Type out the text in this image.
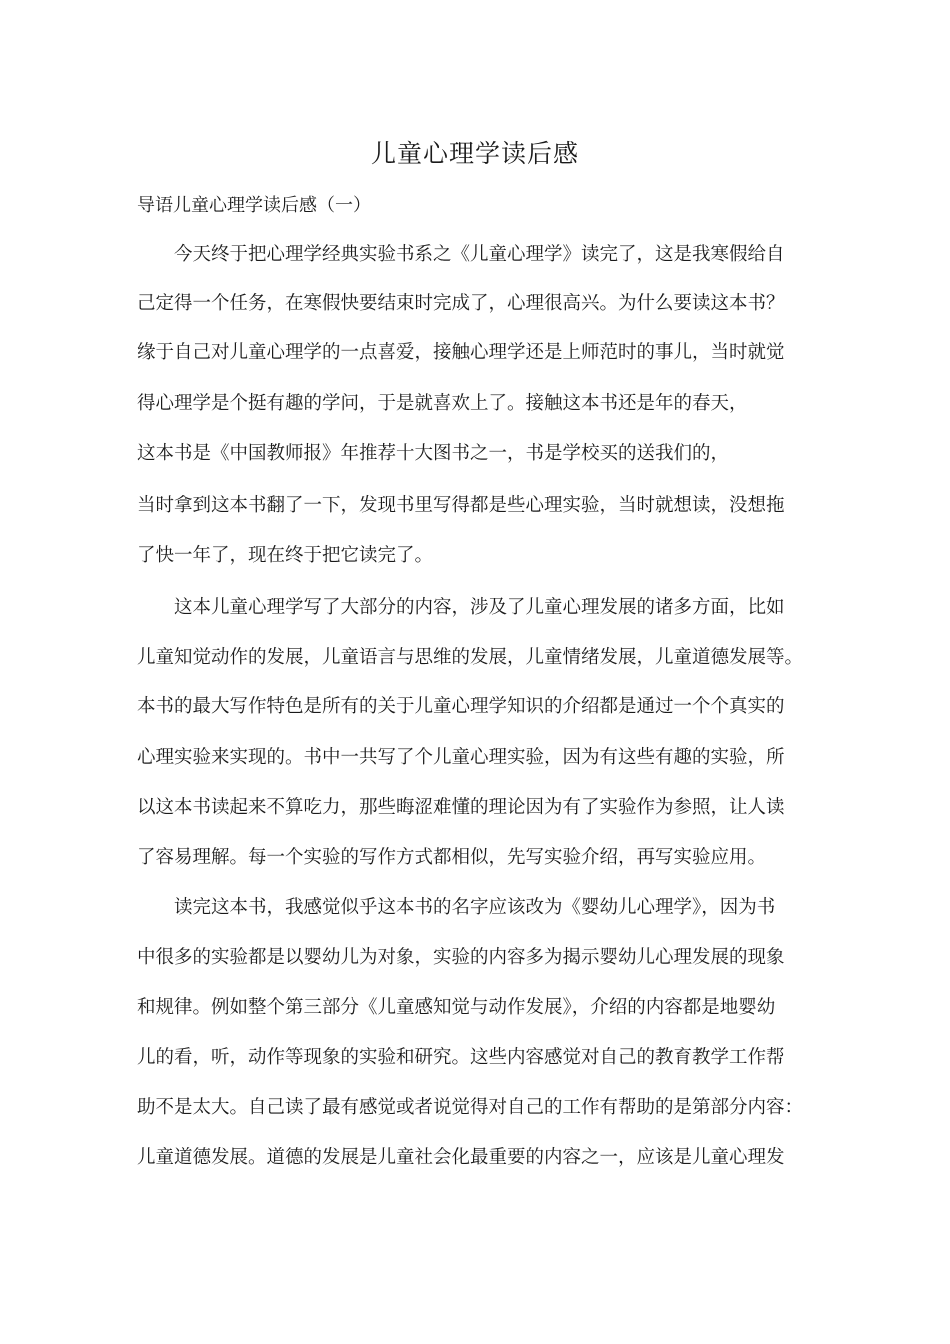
儿童心理学读后感
导语儿童心理学读后感（一）
　　今天终于把心理学经典实验书系之《儿童心理学》读完了，这是我寒假给自
己定得一个任务，在寒假快要结束时完成了，心理很高兴。为什么要读这本书？
缘于自己对儿童心理学的一点喜爱，接触心理学还是上师范时的事儿，当时就觉
得心理学是个挺有趣的学问，于是就喜欢上了。接触这本书还是年的春天，
这本书是《中国教师报》年推荐十大图书之一，书是学校买的送我们的，
当时拿到这本书翻了一下，发现书里写得都是些心理实验，当时就想读，没想拖
了快一年了，现在终于把它读完了。
　　这本儿童心理学写了大部分的内容，涉及了儿童心理发展的诸多方面，比如
儿童知觉动作的发展，儿童语言与思维的发展，儿童情绪发展，儿童道德发展等。
本书的最大写作特色是所有的关于儿童心理学知识的介绍都是通过一个个真实的
心理实验来实现的。书中一共写了个儿童心理实验，因为有这些有趣的实验，所
以这本书读起来不算吃力，那些晦涩难懂的理论因为有了实验作为参照，让人读
了容易理解。每一个实验的写作方式都相似，先写实验介绍，再写实验应用。
　　读完这本书，我感觉似乎这本书的名字应该改为《婴幼儿心理学》，因为书
中很多的实验都是以婴幼儿为对象，实验的内容多为揭示婴幼儿心理发展的现象
和规律。例如整个第三部分《儿童感知觉与动作发展》，介绍的内容都是地婴幼
儿的看，听，动作等现象的实验和研究。这些内容感觉对自己的教育教学工作帮
助不是太大。自己读了最有感觉或者说觉得对自己的工作有帮助的是第部分内容：
儿童道德发展。道德的发展是儿童社会化最重要的内容之一，应该是儿童心理发
